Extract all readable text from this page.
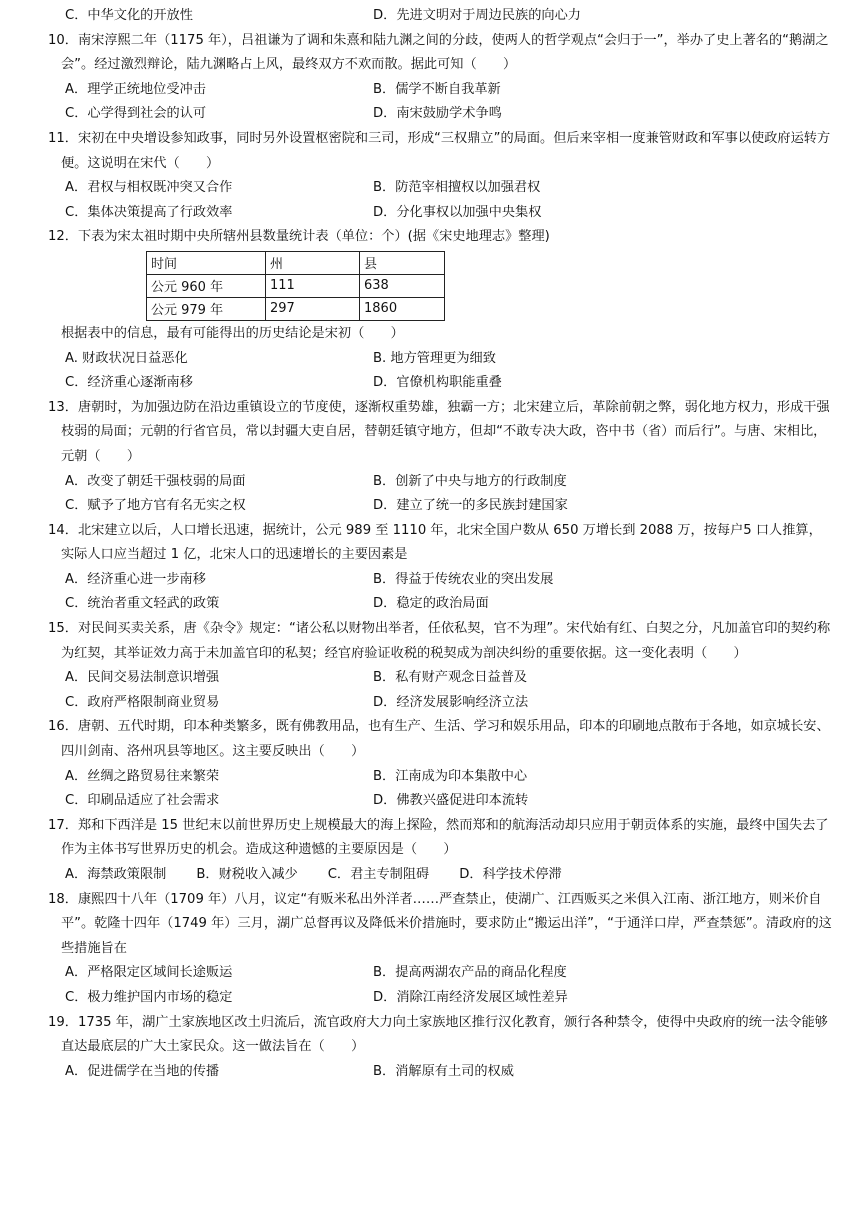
C．中华文化的开放性	D．先进文明对于周边民族的向心力

10．南宋淳熙二年（1175 年），吕祖谦为了调和朱熹和陆九渊之间的分歧，使两人的哲学观点“会归于一”，举办了史上著名的“鹅湖之会”。经过激烈辩论，陆九渊略占上风，最终双方不欢而散。据此可知（　　）

A．理学正统地位受冲击	B．儒学不断自我革新
C．心学得到社会的认可	D．南宋鼓励学术争鸣

11．宋初在中央增设参知政事，同时另外设置枢密院和三司，形成“三权鼎立”的局面。但后来宰相一度兼管财政和军事以使政府运转方便。这说明在宋代（　　）

A．君权与相权既冲突又合作	B．防范宰相擅权以加强君权
C．集体决策提高了行政效率	D．分化事权以加强中央集权

12．下表为宋太祖时期中央所辖州县数量统计表（单位：个）(据《宋史地理志》整理)

时间	州	县
公元 960 年	111	638
公元 979 年	297	1860
根据表中的信息，最有可能得出的历史结论是宋初（　　）
A. 财政状况日益恶化	B. 地方管理更为细致
C．经济重心逐渐南移	D．官僚机构职能重叠

13．唐朝时，为加强边防在沿边重镇设立的节度使，逐渐权重势雄，独霸一方；北宋建立后，革除前朝之弊，弱化地方权力，形成干强枝弱的局面；元朝的行省官员，常以封疆大吏自居，替朝廷镇守地方，但却“不敢专决大政，咨中书（省）而后行”。与唐、宋相比，元朝（　　）

A．改变了朝廷干强枝弱的局面	B．创新了中央与地方的行政制度
C．赋予了地方官有名无实之权	D．建立了统一的多民族封建国家

14．北宋建立以后，人口增长迅速，据统计，公元 989 至 1110 年，北宋全国户数从 650 万增长到 2088 万，按每户5 口人推算，实际人口应当超过 1 亿，北宋人口的迅速增长的主要因素是

A．经济重心进一步南移	B．得益于传统农业的突出发展
C．统治者重文轻武的政策	D．稳定的政治局面

15．对民间买卖关系，唐《杂令》规定：“诸公私以财物出举者，任依私契，官不为理”。宋代始有红、白契之分，凡加盖官印的契约称为红契，其举证效力高于未加盖官印的私契；经官府验证收税的税契成为剖决纠纷的重要依据。这一变化表明（　　）

A．民间交易法制意识增强	B．私有财产观念日益普及
C．政府严格限制商业贸易	D．经济发展影响经济立法

16．唐朝、五代时期，印本种类繁多，既有佛教用品，也有生产、生活、学习和娱乐用品，印本的印刷地点散布于各地，如京城长安、四川剑南、洛州巩县等地区。这主要反映出（　　）

A．丝绸之路贸易往来繁荣	B．江南成为印本集散中心
C．印刷品适应了社会需求	D．佛教兴盛促进印本流转

17．郑和下西洋是 15 世纪末以前世界历史上规模最大的海上探险，然而郑和的航海活动却只应用于朝贡体系的实施，最终中国失去了作为主体书写世界历史的机会。造成这种遗憾的主要原因是（　　）

A．海禁政策限制 B．财税收入减少 C．君主专制阻碍 D．科学技术停滞

18．康熙四十八年（1709 年）八月，议定“有贩米私出外洋者……严查禁止，使湖广、江西贩买之米俱入江南、浙江地方，则米价自平”。乾隆十四年（1749 年）三月，湖广总督再议及降低米价措施时，要求防止“搬运出洋”，“于通洋口岸，严查禁惩”。清政府的这些措施旨在

A．严格限定区域间长途贩运	B．提高两湖农产品的商品化程度
C．极力维护国内市场的稳定	D．消除江南经济发展区域性差异

19．1735 年，湖广土家族地区改土归流后，流官政府大力向土家族地区推行汉化教育，颁行各种禁令，使得中央政府的统一法令能够直达最底层的广大土家民众。这一做法旨在（　　）

A．促进儒学在当地的传播	B．消解原有土司的权威
